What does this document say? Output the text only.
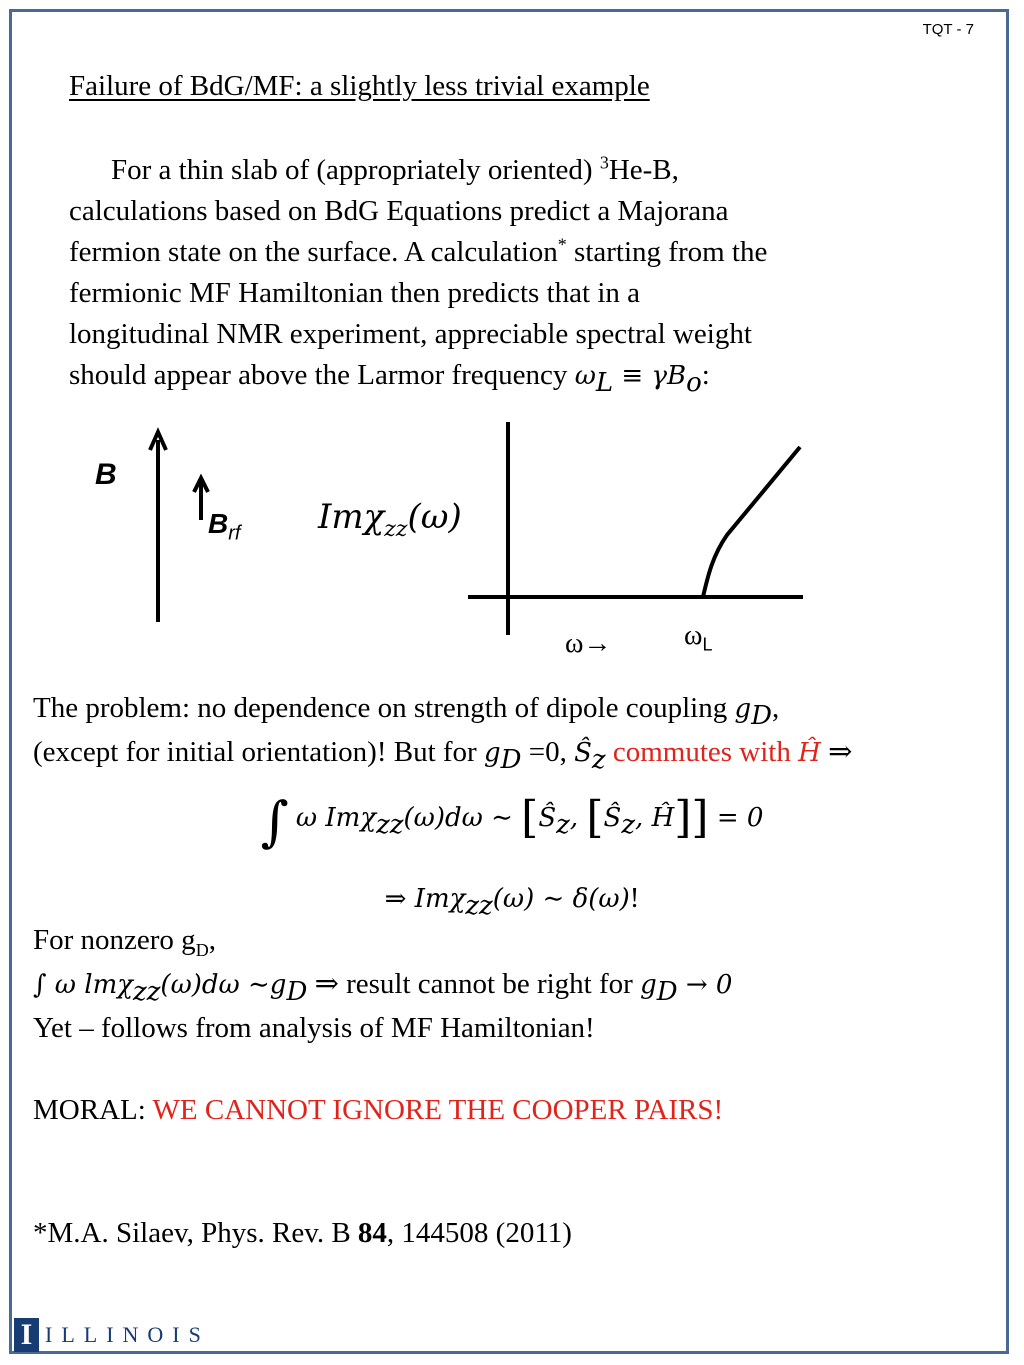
TQT - 7
Failure of BdG/MF: a slightly less trivial example
For a thin slab of (appropriately oriented) $^3$He-B,
calculations based on BdG Equations predict a Majorana
fermion state on the surface. A calculation* starting from the
fermionic MF Hamiltonian then predicts that in a
longitudinal NMR experiment, appreciable spectral weight
should appear above the Larmor frequency $\omega_L \equiv \gamma B_o$:
B
$B_{rf}$ Imχ$_{zz}$(ω)
ω→	$\omega_L$
The problem: no dependence on strength of dipole coupling $g_D$,
(except for initial orientation)! But for $g_D =0$, $Ŝ_z$ commutes with Ĥ ⇒
∫ ω Imχ$_{zz}$(ω)dω ∼ [$Ŝ_z$, [$Ŝ_z$, Ĥ]] = 0
⇒ Imχ$_{zz}$(ω) ∼ δ(ω)!
For nonzero $g_D$,
∫ ω lmχ$_{zz}$(ω)dω $\sim g_D$ ⇒ result cannot be right for $g_D \to 0$
Yet – follows from analysis of MF Hamiltonian!
MORAL: WE CANNOT IGNORE THE COOPER PAIRS!
*M.A. Silaev, Phys. Rev. B 84, 144508 (2011)
I ILLINOIS
